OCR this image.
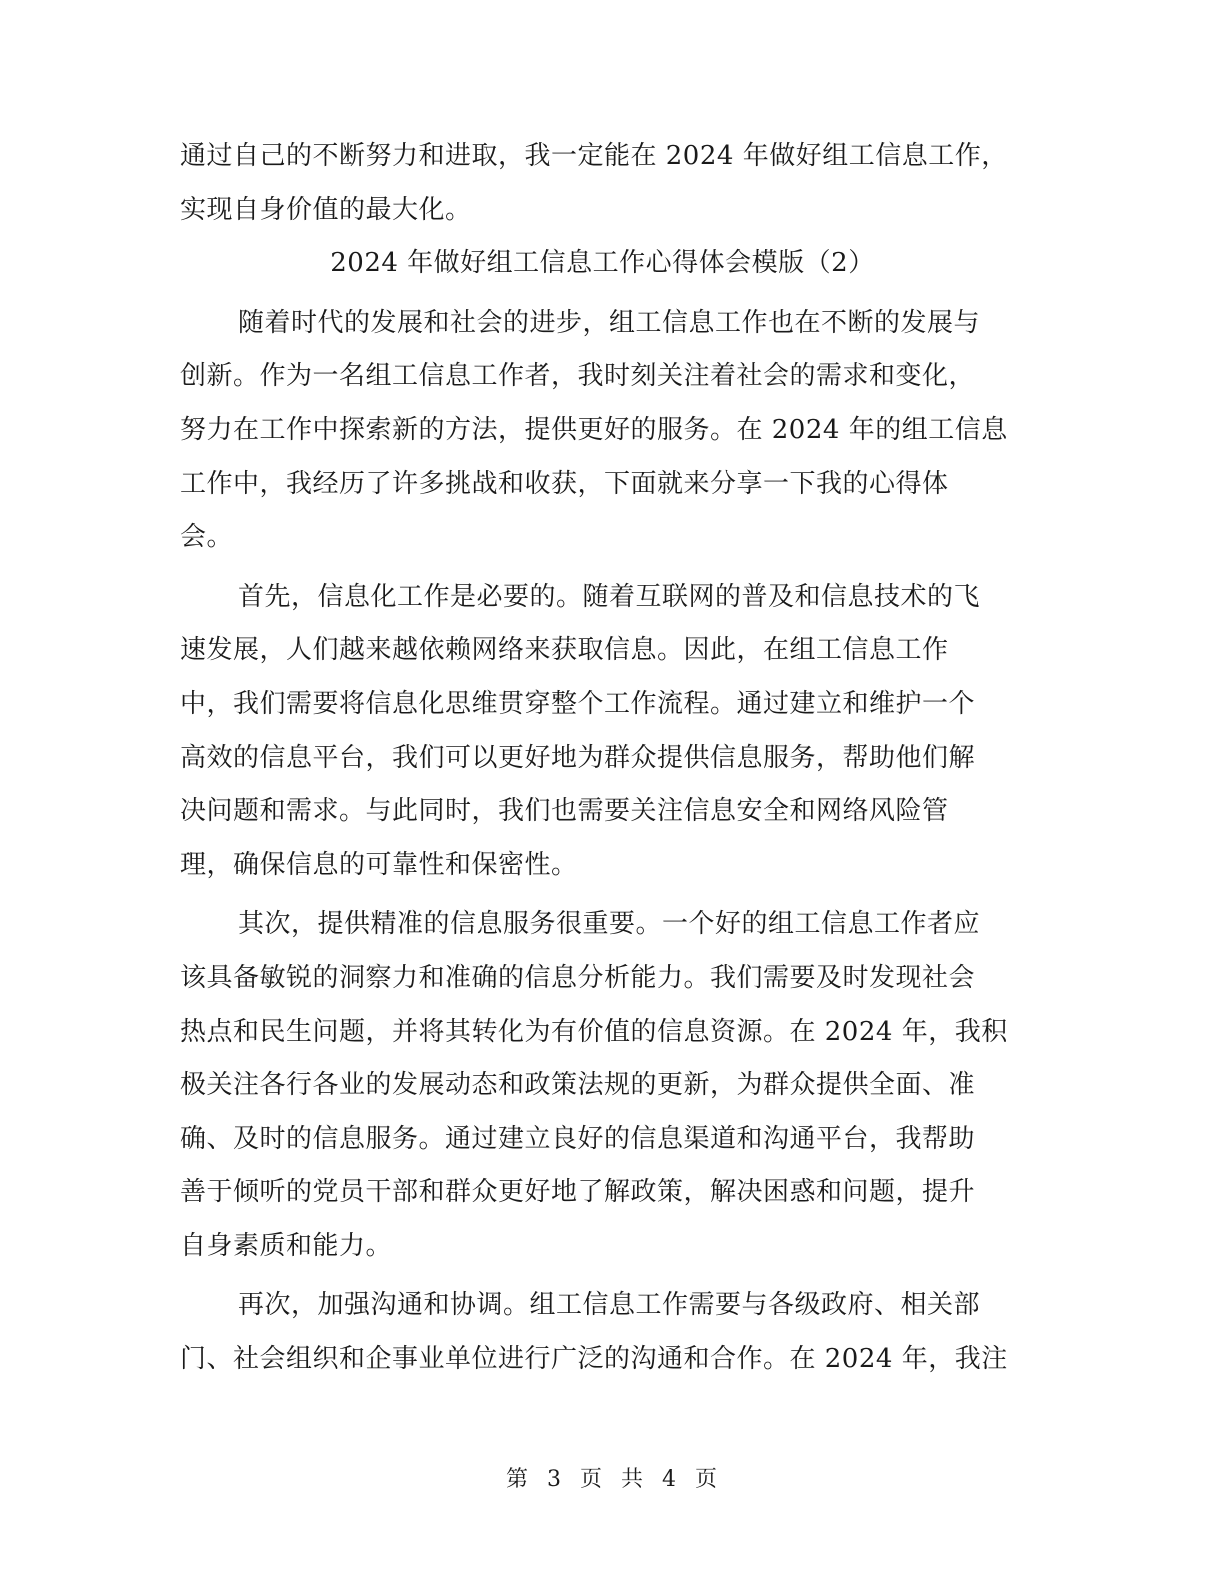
通过自己的不断努力和进取，我一定能在 2024 年做好组工信息工作，
实现自身价值的最大化。
2024 年做好组工信息工作心得体会模版（2）
随着时代的发展和社会的进步，组工信息工作也在不断的发展与
创新。作为一名组工信息工作者，我时刻关注着社会的需求和变化，
努力在工作中探索新的方法，提供更好的服务。在 2024 年的组工信息
工作中，我经历了许多挑战和收获，下面就来分享一下我的心得体
会。
首先，信息化工作是必要的。随着互联网的普及和信息技术的飞
速发展，人们越来越依赖网络来获取信息。因此，在组工信息工作
中，我们需要将信息化思维贯穿整个工作流程。通过建立和维护一个
高效的信息平台，我们可以更好地为群众提供信息服务，帮助他们解
决问题和需求。与此同时，我们也需要关注信息安全和网络风险管
理，确保信息的可靠性和保密性。
其次，提供精准的信息服务很重要。一个好的组工信息工作者应
该具备敏锐的洞察力和准确的信息分析能力。我们需要及时发现社会
热点和民生问题，并将其转化为有价值的信息资源。在 2024 年，我积
极关注各行各业的发展动态和政策法规的更新，为群众提供全面、准
确、及时的信息服务。通过建立良好的信息渠道和沟通平台，我帮助
善于倾听的党员干部和群众更好地了解政策，解决困惑和问题，提升
自身素质和能力。
再次，加强沟通和协调。组工信息工作需要与各级政府、相关部
门、社会组织和企事业单位进行广泛的沟通和合作。在 2024 年，我注
第 3 页 共 4 页
